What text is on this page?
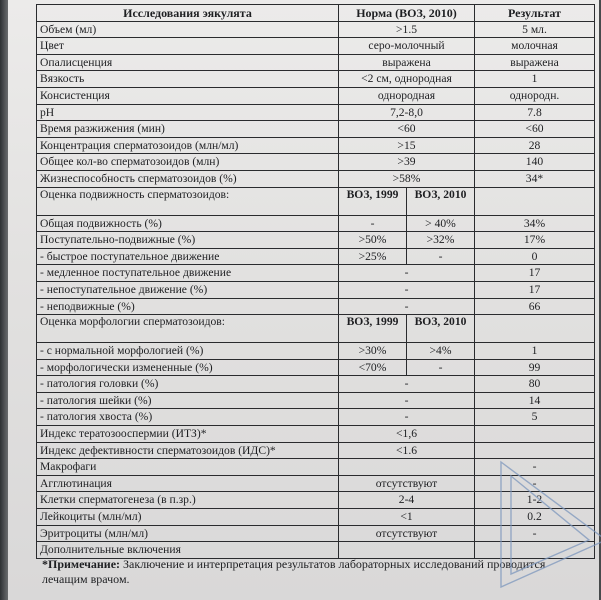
Исследования эякулята	Норма (ВОЗ, 2010)		Результат
Объем (мл)	>1.5		5 мл.
Цвет	серо-молочный		молочная
Опалисценция	выражена		выражена
Вязкость	<2 см, однородная		1
Консистенция	однородная		однородн.
pH	7,2-8,0		7.8
Время разжижения (мин)	<60		<60
Концентрация сперматозоидов (млн/мл)	>15		28
Общее кол-во сперматозоидов (млн)	>39		140
Жизнеспособность сперматозоидов (%)	>58%		34*
Оценка подвижность сперматозоидов:	ВОЗ, 1999	ВОЗ, 2010	
Общая подвижность (%)	-	> 40%	34%
Поступательно-подвижные (%)	>50%	>32%	17%
- быстрое поступательное движение	>25%	-	0
- медленное поступательное движение	-		17
- непоступательное движение (%)	-		17
- неподвижные (%)	-		66
Оценка морфологии сперматозоидов:	ВОЗ, 1999	ВОЗ, 2010	
- с нормальной морфологией (%)	>30%	>4%	1
- морфологически измененные (%)	<70%	-	99
- патология головки (%)	-		80
- патология шейки (%)	-		14
- патология хвоста (%)	-		5
Индекс тератозооспермии (ИТЗ)*	<1,6		
Индекс дефективности сперматозоидов (ИДС)*	<1.6		
Макрофаги			-
Агглютинация	отсутствуют		-
Клетки сперматогенеза (в п.зр.)	2-4		1-2
Лейкоциты (млн/мл)	<1		0.2
Эритроциты (млн/мл)	отсутствуют		-
Дополнительные включения			
*Примечание: Заключение и интерпретация результатов лабораторных исследований проводится лечащим врачом.
